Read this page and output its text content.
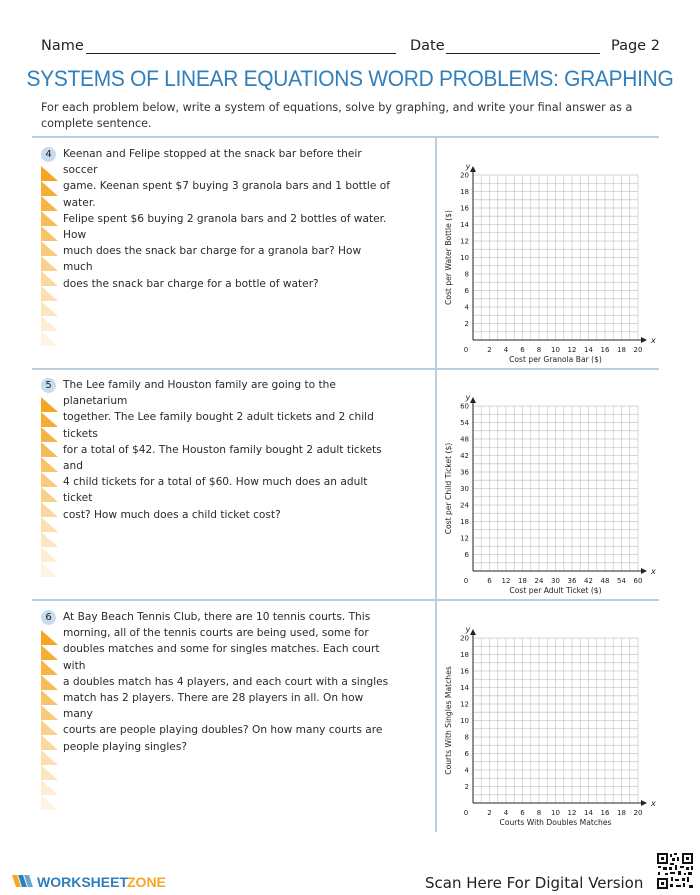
Name	Date	Page 2
SYSTEMS OF LINEAR EQUATIONS WORD PROBLEMS: GRAPHING
For each problem below, write a system of equations, solve by graphing, and write your final answer as a complete sentence.
4	Keenan and Felipe stopped at the snack bar before their soccer
game. Keenan spent $7 buying 3 granola bars and 1 bottle of water.
Felipe spent $6 buying 2 granola bars and 2 bottles of water. How
much does the snack bar charge for a granola bar? How much
does the snack bar charge for a bottle of water?
2 4 6 8 10 12 14 16 18 20
2
4
6
8
10
12
14
16
18
20
0
y
x
Cost per Granola Bar ($)
Cost per Water Bottle ($)
5	The Lee family and Houston family are going to the planetarium
together. The Lee family bought 2 adult tickets and 2 child tickets
for a total of $42. The Houston family bought 2 adult tickets and
4 child tickets for a total of $60. How much does an adult ticket
cost? How much does a child ticket cost?
6 12 18 24 30 36 42 48 54 60
6
12
18
24
30
36
42
48
54
60
0
y
x
Cost per Adult Ticket ($)
Cost per Child Ticket ($)
6	At Bay Beach Tennis Club, there are 10 tennis courts. This
morning, all of the tennis courts are being used, some for
doubles matches and some for singles matches. Each court with
a doubles match has 4 players, and each court with a singles
match has 2 players. There are 28 players in all. On how many
courts are people playing doubles? On how many courts are
people playing singles?
2 4 6 8 10 12 14 16 18 20
2
4
6
8
10
12
14
16
18
20
0
y
x
Courts With Doubles Matches
Courts With Singles Matches
WORKSHEET ZONE	Scan Here For Digital Version
